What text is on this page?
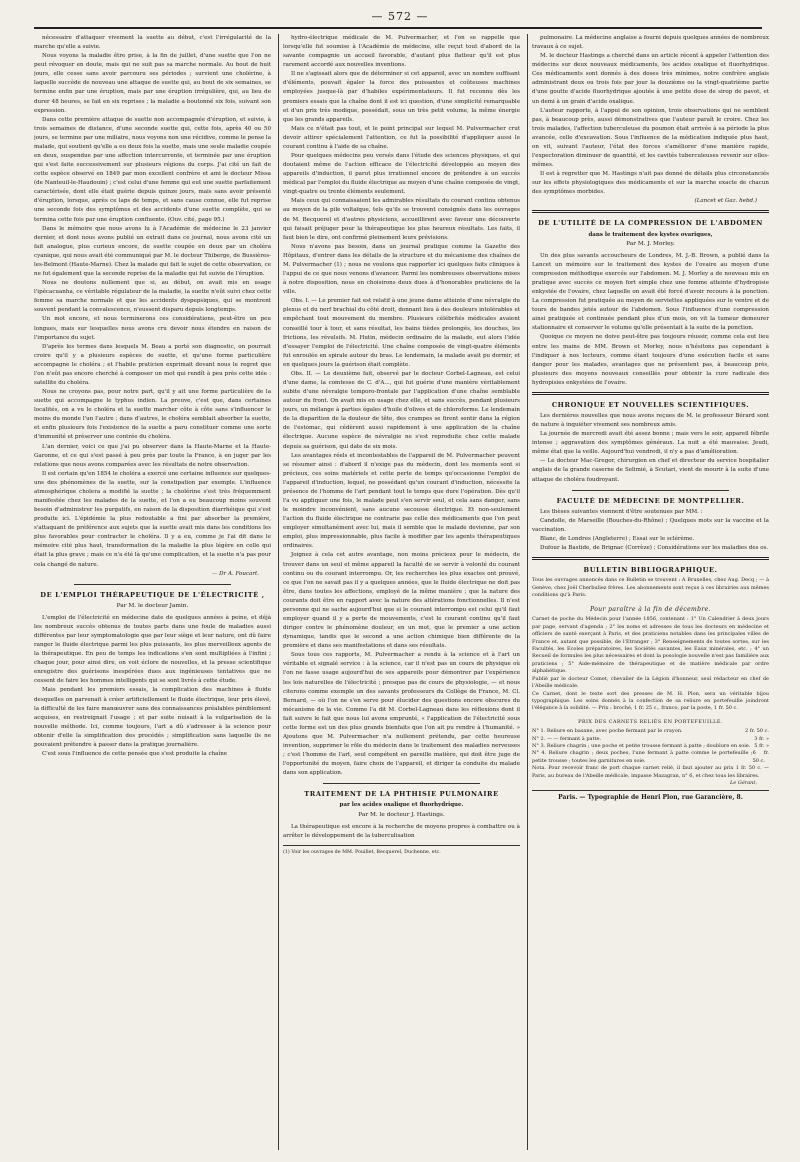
— 572 —

nécessaire d'attaquer vivement la suette au début, c'est l'irrégularité de la marche qu'elle a suivie.

Nous voyons la maladie être prise, à la fin de juillet, d'une suette que l'on ne peut révoquer en doute, mais qui ne suit pas sa marche normale. Au bout de huit jours, elle cesse sans avoir parcouru ses périodes ; survient une cholérine, à laquelle succède de nouveau une attaque de suette qui, au bout de six semaines, se termine enfin par une éruption, mais par une éruption irrégulière, qui, au lieu de durer 48 heures, se fait en six reprises ; la maladie a boutonné six fois, suivant son expression.

Dans cette première attaque de suette non accompagnée d'éruption, et suivie, à trois semaines de distance, d'une seconde suette qui, cette fois, après 40 ou 50 jours, se termine par une miliaire, nous voyons non une récidive, comme le pense la malade, qui soutient qu'elle a eu deux fois la suette, mais une seule maladie coupée en deux, suspendue par une affection intercurrente, et terminée par une éruption qui s'est faite successivement sur plusieurs régions du corps. J'ai cité un fait de cette espèce observé en 1849 par mon excellent confrère et ami le docteur Missa (de Nanteuil-le-Haudouin) ; c'est celui d'une femme qui eut une suette parfaitement caractérisée, dont elle était guérie depuis quinze jours, mais sans avoir présenté d'éruption, lorsque, après ce laps de temps, et sans cause connue, elle fut reprise une seconde fois des symptômes et des accidents d'une suette complète, qui se termina cette fois par une éruption confluente. (Ouv. cité, page 95.)

Dans le mémoire que nous avons lu à l'Académie de médecine le 23 janvier dernier, et dont nous avons publié un extrait dans ce journal, nous avons cité un fait analogue, plus curieux encore, de suette coupée en deux par un choléra cyanique, qui nous avait été communiqué par M. le docteur Thiberge, de Bussières-les-Belmont (Haute-Marne). Chez la malade qui fait le sujet de cette observation, ce ne fut également que la seconde reprise de la maladie qui fut suivie de l'éruption.

Nous ne doutons nullement que si, au début, on avait mis en usage l'ipécacuanha, ce véritable régulateur de la maladie, la suette n'eût suivi chez cette femme sa marche normale et que les accidents dyspepsiques, qui se montrent souvent pendant la convalescence, n'eussent disparu depuis longtemps.

Un mot encore, et nous terminerons ces considérations, peut-être un peu longues, mais sur lesquelles nous avons cru devoir nous étendre en raison de l'importance du sujet.

D'après les termes dans lesquels M. Beau a porté son diagnostic, on pourrait croire qu'il y a plusieurs espèces de suette, et qu'une forme particulière accompagne le choléra ; et l'habile praticien exprimait devant nous le regret que l'on n'eût pas encore cherché à composer un mot qui rendît à peu près cette idée : satellite du choléra.

Nous ne croyons pas, pour notre part, qu'il y ait une forme particulière de la suette qui accompagne le typhus indien. La preuve, c'est que, dans certaines localités, on a vu le choléra et la suette marcher côte à côte sans s'influencer le moins du monde l'un l'autre ; dans d'autres, le choléra semblait absorber la suette, et enfin plusieurs fois l'existence de la suette a paru constituer comme une sorte d'immunité et préserver une contrée du choléra.

L'an dernier, voici ce que j'ai pu observer dans la Haute-Marne et la Haute-Garonne, et ce qui s'est passé à peu près par toute la France, à en juger par les relations que nous avons comparées avec les résultats de notre observation.

Il est certain qu'en 1854 le choléra a exercé une certaine influence sur quelques-uns des phénomènes de la suette, sur la constipation par exemple. L'influence atmosphérique cholera a modifié la suette ; la cholérine s'est très fréquemment manifestée chez les malades de la suette, et l'on a eu beaucoup moins souvent besoin d'administrer les purgatifs, en raison de la disposition diarrhéique qui s'est produite ici. L'épidémie la plus redoutable a fini par absorber la première, s'attaquant de préférence aux sujets que la suette avait mis dans les conditions les plus favorables pour contracter le choléra. Il y a eu, comme je l'ai dit dans le mémoire cité plus haut, transformation de la maladie la plus légère en celle qui était la plus grave ; mais ce n'a été là qu'une complication, et la suette n'a pas pour cela changé de nature.

— Dr A. Foucart.
DE L'EMPLOI THÉRAPEUTIQUE DE L'ÉLECTRICITÉ ,
Par M. le docteur Jamin.

L'emploi de l'électricité en médecine date de quelques années à peine, et déjà les nombreux succès obtenus de toutes parts dans une foule de maladies aussi différentes par leur symptomatologie que par leur siège et leur nature, ont dû faire ranger le fluide électrique parmi les plus puissants, les plus merveilleux agents de la thérapeutique. En peu de temps les indications s'en sont multipliées à l'infini ; chaque jour, pour ainsi dire, on voit éclore de nouvelles, et la presse scientifique enregistre des guérisons inespérées dues aux ingénieuses tentatives que ne cessent de faire les hommes intelligents qui se sont livrés à cette étude.

Mais pendant les premiers essais, la complication des machines à fluide desquelles on parvenait à créer artificiellement le fluide électrique, leur prix élevé, la difficulté de les faire manœuvrer sans des connaissances préalables péniblement acquises, en restreignait l'usage ; et par suite nuisait à la vulgarisation de la nouvelle méthode. Ici, comme toujours, l'art a dû s'adresser à la science pour obtenir d'elle la simplification des procédés ; simplification sans laquelle ils ne pouvaient prétendre à passer dans la pratique journalière.

C'est sous l'influence de cette pensée que s'est produite la chaîne

hydro-électrique médicale de M. Pulvermacher, et l'on se rappelle que lorsqu'elle fut soumise à l'Académie de médecine, elle reçut tout d'abord de la savante compagnie un accueil favorable, d'autant plus flatteur qu'il est plus rarement accordé aux nouvelles inventions.

Il ne s'agissait alors que de déterminer si cet appareil, avec un nombre suffisant d'éléments, pouvait égaler la force des puissantes et coûteuses machines employées jusque-là par d'habiles expérimentateurs. Il fut reconnu dès les premiers essais que la chaîne dont il est ici question, d'une simplicité remarquable et d'un prix très modique, possédait, sous un très petit volume, la même énergie que les grands appareils.

Mais ce n'était pas tout, et le point principal sur lequel M. Pulvermacher crut devoir attirer spécialement l'attention, ce fut la possibilité d'appliquer aussi le courant continu à l'aide de sa chaîne.

Pour quelques médecins peu versés dans l'étude des sciences physiques, et qui doutaient même de l'action efficace de l'électricité développée au moyen des appareils d'induction, il parut plus irrationnel encore de prétendre à un succès médical par l'emploi du fluide électrique au moyen d'une chaîne composée de vingt, vingt-quatre ou trente éléments seulement.

Mais ceux qui connaissaient les admirables résultats du courant continu obtenus au moyen de la pile voltaïque, tels qu'ils se trouvent consignés dans les ouvrages de M. Becquerel et d'autres physiciens, accueillirent avec faveur une découverte qui faisait préjuger pour la thérapeutique les plus heureux résultats. Les faits, il faut bien le dire, ont confirmé pleinement leurs prévisions.

Nous n'avons pas besoin, dans un journal pratique comme la Gazette des Hôpitaux, d'entrer dans les détails de la structure et du mécanisme des chaînes de M. Pulvermacher (1) ; nous ne voulons que rapporter ici quelques faits cliniques à l'appui de ce que nous venons d'avancer. Parmi les nombreuses observations mises à notre disposition, nous en choisirons deux dues à d'honorables praticiens de la ville.

Obs. I. — Le premier fait est relatif à une jeune dame atteinte d'une névralgie du plexus et du nerf brachial du côté droit, donnant lieu à des douleurs intolérables et empêchant tout mouvement du membre. Plusieurs célébrités médicales avaient conseillé tour à tour, et sans résultat, les bains tièdes prolongés, les douches, les frictions, les révulsifs. M. Hutin, médecin ordinaire de la malade, eut alors l'idée d'essayer l'emploi de l'électricité. Une chaîne composée de vingt-quatre éléments fut enroulée en spirale autour du bras. Le lendemain, la malade avait pu dormir, et en quelques jours la guérison était complète.

Obs. II. — Le deuxième fait, observé par le docteur Corbel-Lagneau, est celui d'une dame, la comtesse de C. d'A..., qui fut guérie d'une manière véritablement subite d'une névralgie temporo-frontale par l'application d'une chaîne semblable autour du front. On avait mis en usage chez elle, et sans succès, pendant plusieurs jours, un mélange à parties égales d'huile d'olives et de chloroforme. Le lendemain de la disparition de la douleur de tête, des crampes se firent sentir dans la région de l'estomac, qui cédèrent aussi rapidement à une application de la chaîne électrique. Aucune espèce de névralgie ne s'est reproduite chez cette malade depuis sa guérison, qui date de six mois.

Les avantages réels et incontestables de l'appareil de M. Pulvermacher peuvent se résumer ainsi : d'abord il n'exige pas du médecin, dont les moments sont si précieux, ces soins matériels et cette perte de temps qu'occasionne l'emploi de l'appareil d'induction, lequel, ne possédant qu'un courant d'induction, nécessite la présence de l'homme de l'art pendant tout le temps que dure l'opération. Dès qu'il l'a vu appliquer une fois, le malade peut s'en servir seul, et cela sans danger, sans le moindre inconvénient, sans aucune secousse électrique. Et non-seulement l'action du fluide électrique ne contrarie pas celle des médicaments que l'on peut employer simultanément avec lui, mais il semble que le malade devienne, par son emploi, plus impressionnable, plus facile à modifier par les agents thérapeutiques ordinaires.

Joignez à cela cet autre avantage, non moins précieux pour le médecin, de trouver dans un seul et même appareil la faculté de se servir à volonté du courant continu ou du courant interrompu. Or, les recherches les plus exactes ont prouvé, ce que l'on ne savait pas il y a quelques années, que le fluide électrique ne doit pas être, dans toutes les affections, employé de la même manière ; que la nature des courants doit être en rapport avec la nature des altérations fonctionnelles. Il n'est personne qui ne sache aujourd'hui que si le courant interrompu est celui qu'il faut employer quand il y a perte de mouvements, c'est le courant continu qu'il faut diriger contre le phénomène douleur, en un mot, que le premier a une action dynamique, tandis que le second a une action chimique bien différente de la première et dans ses manifestations et dans ses résultats.

Sous tous ces rapports, M. Pulvermacher a rendu à la science et à l'art un véritable et signalé service : à la science, car il n'est pas un cours de physique où l'on ne fasse usage aujourd'hui de ses appareils pour démontrer par l'expérience les lois naturelles de l'électricité ; presque pas de cours de physiologie, — et nous citerons comme exemple un des savants professeurs du Collège de France, M. Cl. Bernard, — où l'on ne s'en serve pour élucider des questions encore obscures du mécanisme de la vie. Comme l'a dit M. Corbel-Lagneau dans les réflexions dont il fait suivre le fait que nous lui avons emprunté, « l'application de l'électricité sous cette forme est un des plus grands bienfaits que l'on ait pu rendre à l'humanité. » Ajoutons que M. Pulvermacher n'a nullement prétendu, par cette heureuse invention, supprimer le rôle du médecin dans le traitement des maladies nerveuses ; c'est l'homme de l'art, seul compétent en pareille matière, qui doit être juge de l'opportunité du moyen, faire choix de l'appareil, et diriger la conduite du malade dans son application.

TRAITEMENT DE LA PHTHISIE PULMONAIRE
par les acides oxalique et fluorhydrique.
Par M. le docteur J. Hastings.

La thérapeutique est encore à la recherche de moyens propres à combattre ou à arrêter le développement de la tuberculisation

(1) Voir les ouvrages de MM. Pouillet, Becquerel, Duchenne, etc.

pulmonaire. La médecine anglaise a fourni depuis quelques années de nombreux travaux à ce sujet.

M. le docteur Hastings a cherché dans un article récent à appeler l'attention des médecins sur deux nouveaux médicaments, les acides oxalique et fluorhydrique. Ces médicaments sont donnés à des doses très minimes, notre confrère anglais administrant deux ou trois fois par jour la douzième ou la vingt-quatrième partie d'une goutte d'acide fluorhydrique ajoutée à une petite dose de sirop de pavot, et un demi à un grain d'acide oxalique.

L'auteur rapporte, à l'appui de son opinion, trois observations qui ne semblent pas, à beaucoup près, aussi démonstratives que l'auteur paraît le croire. Chez les trois malades, l'affection tuberculeuse du poumon était arrivée à sa période la plus avancée, celle d'excavation. Sous l'influence de la médication indiquée plus haut, on vit, suivant l'auteur, l'état des forces s'améliorer d'une manière rapide, l'expectoration diminuer de quantité, et les cavités tuberculeuses revenir sur elles-mêmes.

Il est à regretter que M. Hastings n'ait pas donné de détails plus circonstanciés sur les effets physiologiques des médicaments et sur la marche exacte de chacun des symptômes morbides.

(Lancet et Gaz. hebd.)
DE L'UTILITÉ DE LA COMPRESSION DE L'ABDOMEN
dans le traitement des kystes ovariques,
Par M. J. Morley.

Un des plus savants accoucheurs de Londres, M. J.-B. Brown, a publié dans la Lancet un mémoire sur le traitement des kystes de l'ovaire au moyen d'une compression méthodique exercée sur l'abdomen. M. J. Morley a de nouveau mis en pratique avec succès ce moyen fort simple chez une femme atteinte d'hydropisie enkystée de l'ovaire, chez laquelle on avait été forcé d'avoir recours à la ponction. La compression fut pratiquée au moyen de serviettes appliquées sur le ventre et de tours de bandes jetés autour de l'abdomen. Sous l'influence d'une compression ainsi pratiquée et continuée pendant plus d'un mois, on vit la tumeur demeurer stationnaire et conserver le volume qu'elle présentait à la suite de la ponction.

Quoique ce moyen ne doive peut-être pas toujours réussir, comme cela eut lieu entre les mains de MM. Brown et Morley, nous n'hésitons pas cependant à l'indiquer à nos lecteurs, comme étant toujours d'une exécution facile et sans danger pour les malades, avantages que ne présentent pas, à beaucoup près, plusieurs des moyens nouveaux conseillés pour obtenir la cure radicale des hydropisies enkystées de l'ovaire.

CHRONIQUE ET NOUVELLES SCIENTIFIQUES.

Les dernières nouvelles que nous avons reçues de M. le professeur Bérard sont de nature à inquiéter vivement ses nombreux amis.

La journée de mercredi avait été assez bonne ; mais vers le soir, appareil fébrile intense ; aggravation des symptômes généraux. La nuit a été mauvaise. Jeudi, même état que la veille. Aujourd'hui vendredi, il n'y a pas d'amélioration.

— Le docteur Mac-Gregor, chirurgien en chef et directeur du service hospitalier anglais de la grande caserne de Selimié, à Scutari, vient de mourir à la suite d'une attaque de choléra foudroyant.

FACULTÉ DE MÉDECINE DE MONTPELLIER.

Les thèses suivantes viennent d'être soutenues par MM. :

Candolle, de Marseille (Bouches-du-Rhône) ; Quelques mots sur la vaccine et la vaccination.

Blanc, de Londres (Angleterre) ; Essai sur le sclérème.

Dufour la Bastide, de Brignac (Corrèze) ; Considérations sur les maladies des os.

BULLETIN BIBLIOGRAPHIQUE.
Tous les ouvrages annoncés dans ce Bulletin se trouvent : A Bruxelles, chez Aug. Decq ; — à Genève, chez Joël Cherbuliez frères. Les abonnements sont reçus à ces librairies aux mêmes conditions qu'à Paris.
Pour paraître à la fin de décembre.
Carnet de poche du Médecin pour l'année 1856, contenant : 1° Un Calendrier à deux jours par page, servant d'agenda ; 2° les noms et adresses de tous les docteurs en médecine et officiers de santé exerçant à Paris, et des praticiens notables dans les principales villes de France et, autant que possible, de l'Etranger ; 3° Renseignements de toutes sortes, sur les Facultés, les Ecoles préparatoires, les Sociétés savantes, les Eaux minérales, etc. ; 4° un Recueil de formules les plus nécessaires et dont la posologie nouvelle n'est pas familière aux praticiens ; 5° Aide-mémoire de thérapeutique et de matière médicale par ordre alphabétique.
Publié par le docteur Comet, chevalier de la Légion d'honneur, seul rédacteur en chef de l'Abeille médicale.
Ce Carnet, dont le texte sort des presses de M. H. Plon, sera un véritable bijou typographique. Les soins donnés à la confection de sa reliure en portefeuille joindront l'élégance à la solidité. — Prix : broché, 1 fr. 25 c., franco, par la poste, 1 fr. 50 c.
PRIX DES CARNETS RELIÉS EN PORTEFEUILLE.
N° 1. Reliure en basane, avec poche fermant par le crayon.	2 fr. 50 c.
N° 2. — — fermant à patte.	3 fr. »
N° 3. Reliure chagrin ; une poche et petite trousse fermant à patte ; doublure en soie. 5 fr. »
N° 4. Reliure chagrin ; deux poches, l'une fermant à patte comme le portefeuille ; petite trousse ; toutes les garnitures en soie.
6 fr. 50 c.
Nota. Pour recevoir franc de port chaque carnet relié, il faut ajouter au prix 1 fr. 50 c. — Paris, au bureau de l'Abeille médicale, impasse Mazagran, n° 6, et chez tous les libraires.
Le Gérant,
Paris. — Typographie de Henri Plon, rue Garancière, 8.
